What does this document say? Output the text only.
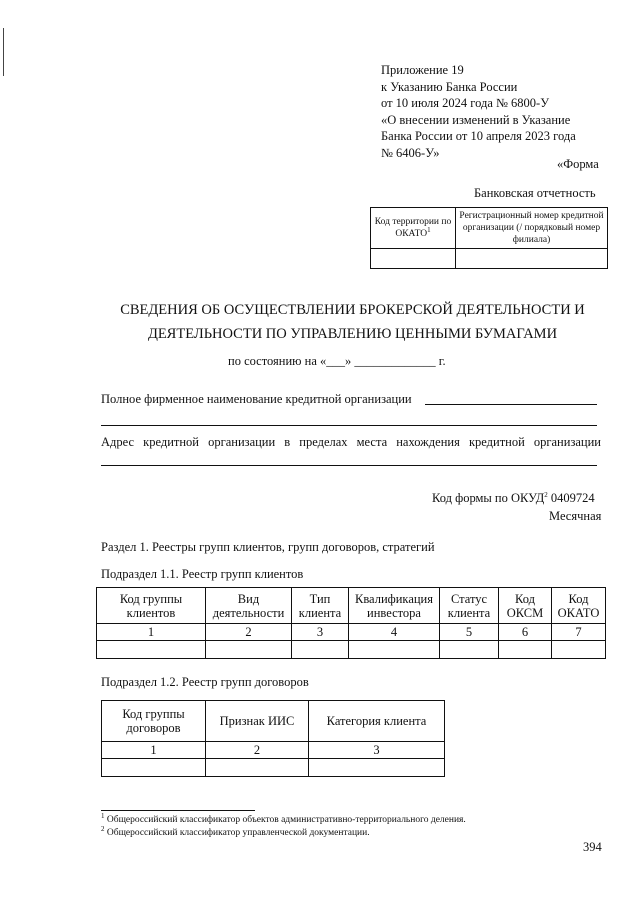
Приложение 19
к Указанию Банка России
от 10 июля 2024 года № 6800-У
«О внесении изменений в Указание
Банка России от 10 апреля 2023 года
№ 6406-У»
«Форма
Банковская отчетность
Код территории по ОКАТО$^1$	Регистрационный номер кредитной организации (/ порядковый номер филиала)

СВЕДЕНИЯ ОБ ОСУЩЕСТВЛЕНИИ БРОКЕРСКОЙ ДЕЯТЕЛЬНОСТИ И
ДЕЯТЕЛЬНОСТИ ПО УПРАВЛЕНИЮ ЦЕННЫМИ БУМАГАМИ
по состоянию на «___» _____________ г.
Полное фирменное наименование кредитной организации
Адрес кредитной организации в пределах места нахождения кредитной организации
Код формы по ОКУД$^2$ 0409724
Месячная
Раздел 1. Реестры групп клиентов, групп договоров, стратегий
Подраздел 1.1. Реестр групп клиентов
Код группы клиентов	Вид деятельности	Тип клиента	Квалификация инвестора	Статус клиента	Код ОКСМ	Код ОКАТО
1	2	3	4	5	6	7

Подраздел 1.2. Реестр групп договоров
Код группы договоров	Признак ИИС	Категория клиента
1	2	3

$^1$ Общероссийский классификатор объектов административно-территориального деления.
$^2$ Общероссийский классификатор управленческой документации.
394
